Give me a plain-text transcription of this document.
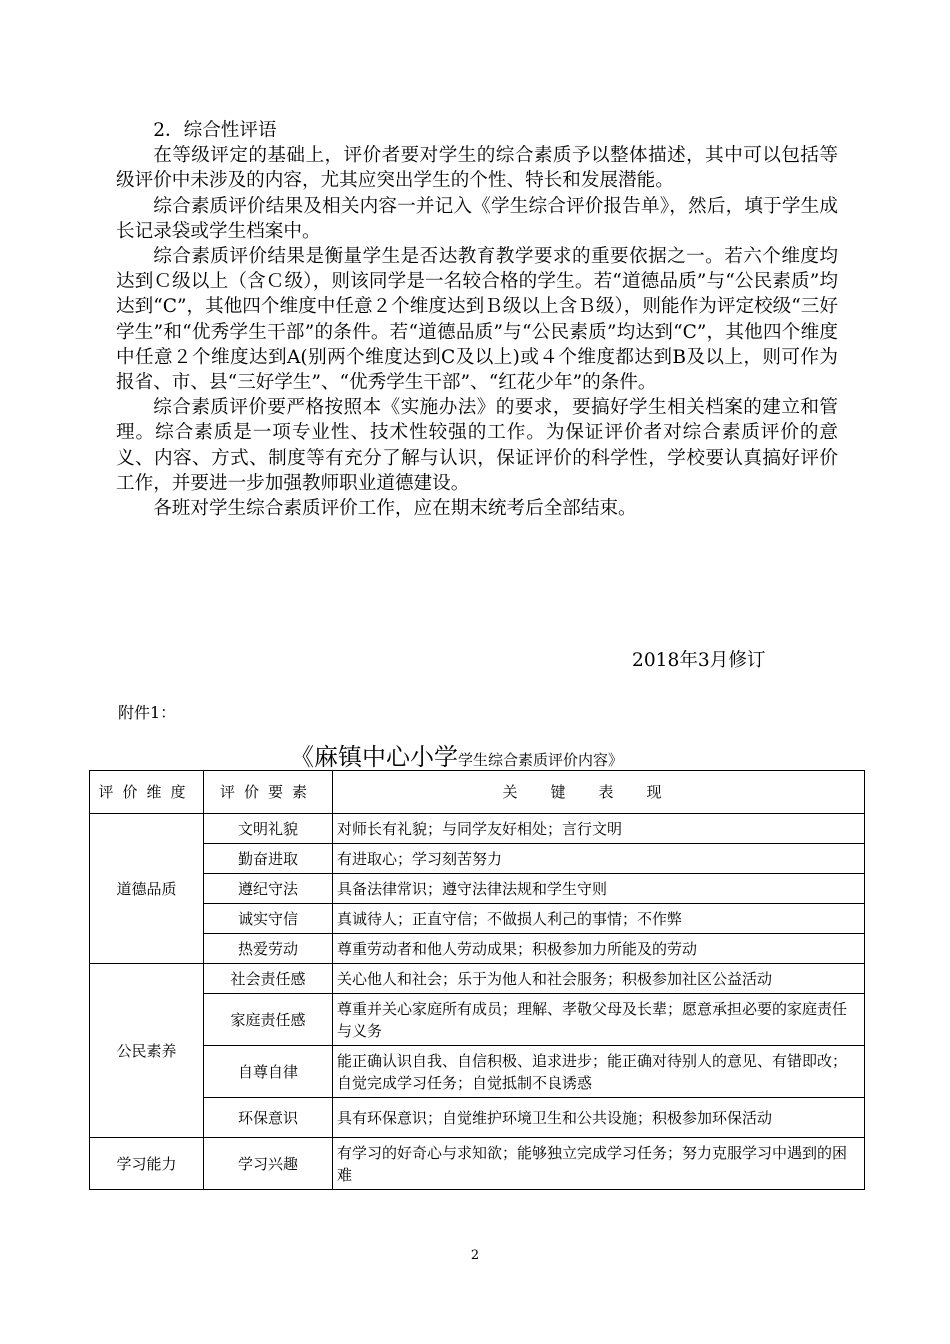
2．综合性评语

在等级评定的基础上，评价者要对学生的综合素质予以整体描述，其中可以包括等级评价中未涉及的内容，尤其应突出学生的个性、特长和发展潜能。

综合素质评价结果及相关内容一并记入《学生综合评价报告单》，然后，填于学生成长记录袋或学生档案中。

综合素质评价结果是衡量学生是否达教育教学要求的重要依据之一。若六个维度均达到Ｃ级以上（含Ｃ级），则该同学是一名较合格的学生。若“道德品质”与“公民素质”均达到“C”，其他四个维度中任意２个维度达到Ｂ级以上含Ｂ级），则能作为评定校级“三好学生”和“优秀学生干部”的条件。若“道德品质”与“公民素质”均达到“C”，其他四个维度中任意２个维度达到A(别两个维度达到C及以上)或４个维度都达到B及以上，则可作为报省、市、县“三好学生”、“优秀学生干部”、“红花少年”的条件。

综合素质评价要严格按照本《实施办法》的要求，要搞好学生相关档案的建立和管理。综合素质是一项专业性、技术性较强的工作。为保证评价者对综合素质评价的意义、内容、方式、制度等有充分了解与认识，保证评价的科学性，学校要认真搞好评价工作，并要进一步加强教师职业道德建设。

各班对学生综合素质评价工作，应在期末统考后全部结束。

2018年3月修订
附件1：
《麻镇中心小学学生综合素质评价内容》
评价维度	评价要素	关键表现
道德品质	文明礼貌	对师长有礼貌；与同学友好相处；言行文明
	勤奋进取	有进取心；学习刻苦努力
	遵纪守法	具备法律常识；遵守法律法规和学生守则
	诚实守信	真诚待人；正直守信；不做损人利己的事情；不作弊
	热爱劳动	尊重劳动者和他人劳动成果；积极参加力所能及的劳动
公民素养	社会责任感	关心他人和社会；乐于为他人和社会服务；积极参加社区公益活动
	家庭责任感	尊重并关心家庭所有成员；理解、孝敬父母及长辈；愿意承担必要的家庭责任与义务
	自尊自律	能正确认识自我、自信积极、追求进步；能正确对待别人的意见、有错即改；自觉完成学习任务；自觉抵制不良诱惑
	环保意识	具有环保意识；自觉维护环境卫生和公共设施；积极参加环保活动
学习能力	学习兴趣	有学习的好奇心与求知欲；能够独立完成学习任务；努力克服学习中遇到的困难
2
